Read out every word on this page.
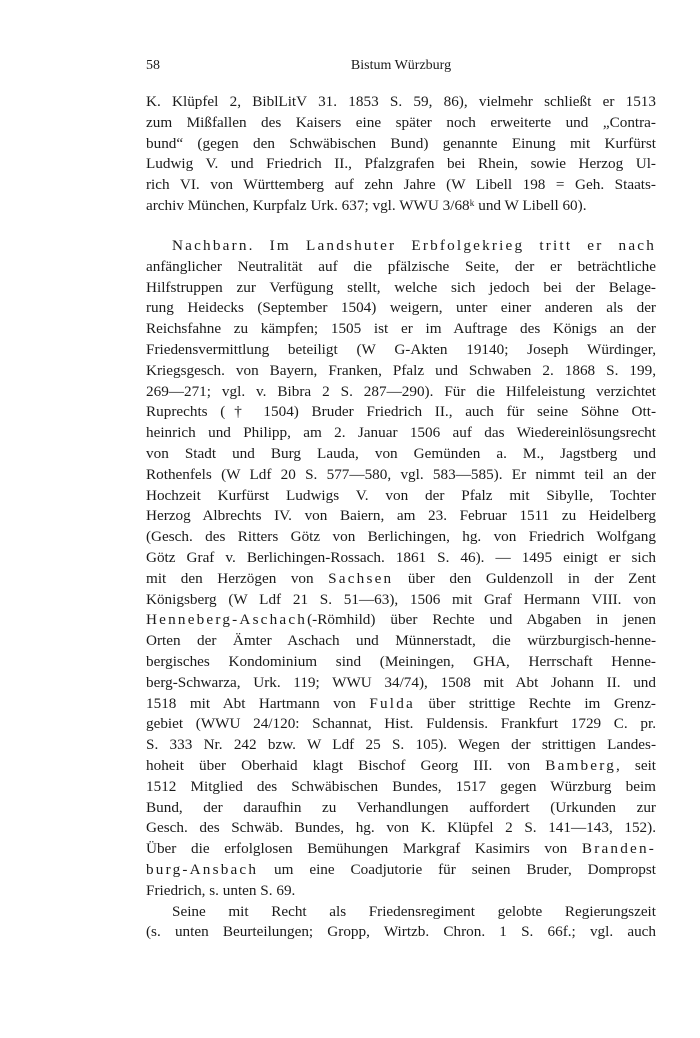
58	Bistum Würzburg
K. Klüpfel 2, BiblLitV 31. 1853 S. 59, 86), vielmehr schließt er 1513
zum Mißfallen des Kaisers eine später noch erweiterte und „Contra-
bund“ (gegen den Schwäbischen Bund) genannte Einung mit Kurfürst
Ludwig V. und Friedrich II., Pfalzgrafen bei Rhein, sowie Herzog Ul-
rich VI. von Württemberg auf zehn Jahre (W Libell 198 = Geh. Staats-
archiv München, Kurpfalz Urk. 637; vgl. WWU 3/68ᵏ und W Libell 60).
Nachbarn. Im Landshuter Erbfolgekrieg tritt er nach
anfänglicher Neutralität auf die pfälzische Seite, der er beträchtliche
Hilfstruppen zur Verfügung stellt, welche sich jedoch bei der Belage-
rung Heidecks (September 1504) weigern, unter einer anderen als der
Reichsfahne zu kämpfen; 1505 ist er im Auftrage des Königs an der
Friedensvermittlung beteiligt (W G-Akten 19140; Joseph Würdinger,
Kriegsgesch. von Bayern, Franken, Pfalz und Schwaben 2. 1868 S. 199,
269—271; vgl. v. Bibra 2 S. 287—290). Für die Hilfeleistung verzichtet
Ruprechts († 1504) Bruder Friedrich II., auch für seine Söhne Ott-
heinrich und Philipp, am 2. Januar 1506 auf das Wiedereinlösungsrecht
von Stadt und Burg Lauda, von Gemünden a. M., Jagstberg und
Rothenfels (W Ldf 20 S. 577—580, vgl. 583—585). Er nimmt teil an der
Hochzeit Kurfürst Ludwigs V. von der Pfalz mit Sibylle, Tochter
Herzog Albrechts IV. von Baiern, am 23. Februar 1511 zu Heidelberg
(Gesch. des Ritters Götz von Berlichingen, hg. von Friedrich Wolfgang
Götz Graf v. Berlichingen-Rossach. 1861 S. 46). — 1495 einigt er sich
mit den Herzögen von Sachsen über den Guldenzoll in der Zent
Königsberg (W Ldf 21 S. 51—63), 1506 mit Graf Hermann VIII. von
Henneberg-Aschach(-Römhild) über Rechte und Abgaben in jenen
Orten der Ämter Aschach und Münnerstadt, die würzburgisch-henne-
bergisches Kondominium sind (Meiningen, GHA, Herrschaft Henne-
berg-Schwarza, Urk. 119; WWU 34/74), 1508 mit Abt Johann II. und
1518 mit Abt Hartmann von Fulda über strittige Rechte im Grenz-
gebiet (WWU 24/120: Schannat, Hist. Fuldensis. Frankfurt 1729 C. pr.
S. 333 Nr. 242 bzw. W Ldf 25 S. 105). Wegen der strittigen Landes-
hoheit über Oberhaid klagt Bischof Georg III. von Bamberg, seit
1512 Mitglied des Schwäbischen Bundes, 1517 gegen Würzburg beim
Bund, der daraufhin zu Verhandlungen auffordert (Urkunden zur
Gesch. des Schwäb. Bundes, hg. von K. Klüpfel 2 S. 141—143, 152).
Über die erfolglosen Bemühungen Markgraf Kasimirs von Branden-
burg-Ansbach um eine Coadjutorie für seinen Bruder, Dompropst
Friedrich, s. unten S. 69.
Seine mit Recht als Friedensregiment gelobte Regierungszeit
(s. unten Beurteilungen; Gropp, Wirtzb. Chron. 1 S. 66f.; vgl. auch
